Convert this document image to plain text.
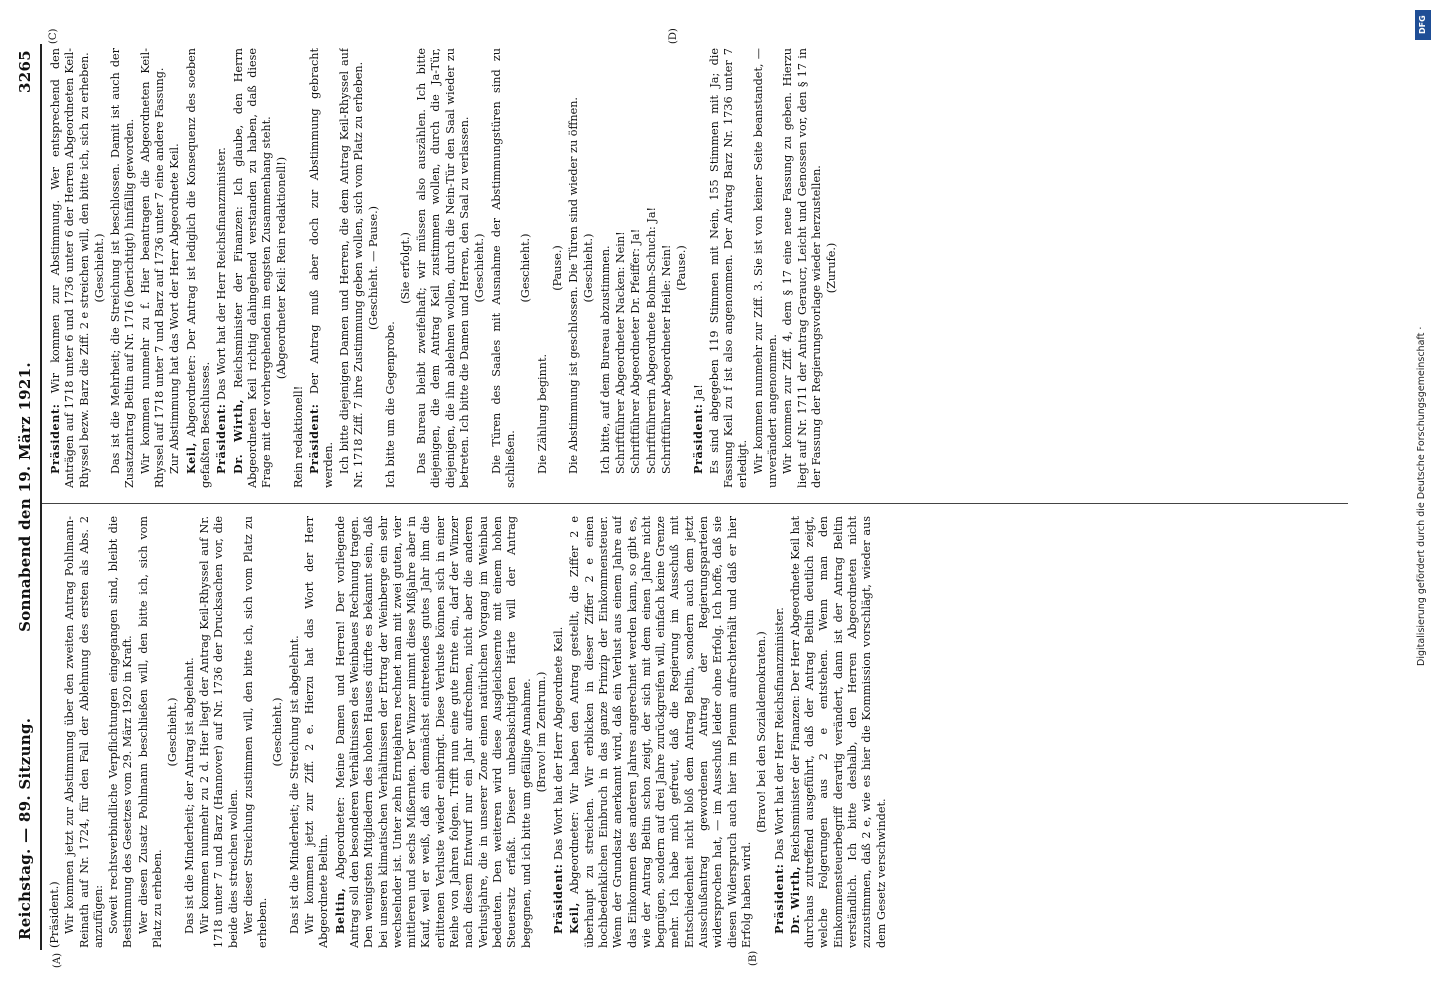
Reichstag. — 89. Sitzung.
Sonnabend den 19. März 1921.
3265
(A)	(B)
(C)	(D)

(Präsident.) Wir kommen jetzt zur Abstimmung über den zweiten Antrag Pohlmann-Reinath auf Nr. 1724, für den Fall der Ablehnung des ersten als Abs. 2 anzufügen: Soweit rechtsverbindliche Verpflichtungen eingegangen sind, bleibt die Bestimmung des Gesetzes vom 29. März 1920 in Kraft. Wer diesen Zusatz Pohlmann beschließen will, den bitte ich, sich vom Platz zu erheben.

(Geschieht.) Das ist die Minderheit; der Antrag ist abgelehnt. Wir kommen nunmehr zu 2 d. Hier liegt der Antrag Keil-Rhyssel auf Nr. 1718 unter 7 und Barz (Hannover) auf Nr. 1736 der Drucksachen vor, die beide dies streichen wollen. Wer dieser Streichung zustimmen will, den bitte ich, sich vom Platz zu erheben.

(Geschieht.) Das ist die Minderheit; die Streichung ist abgelehnt. Wir kommen jetzt zur Ziff. 2 e. Hierzu hat das Wort der Herr Abgeordnete Beltin. Beltin, Abgeordneter: Meine Damen und Herren! Der vorliegende Antrag soll den besonderen Verhältnissen des Weinbaues Rechnung tragen. Den wenigsten Mitgliedern des hohen Hauses dürfte es bekannt sein, daß bei unseren klimatischen Verhältnissen der Ertrag der Weinberge ein sehr wechselnder ist. Unter zehn Erntejahren rechnet man mit zwei guten, vier mittleren und sechs Mißernten. Der Winzer nimmt diese Mißjahre aber in Kauf, weil er weiß, daß ein demnächst eintretendes gutes Jahr ihm die erlittenen Verluste wieder einbringt. Diese Verluste können sich in einer Reihe von Jahren folgen. Trifft nun eine gute Ernte ein, darf der Winzer nach diesem Entwurf nur ein Jahr aufrechnen, nicht aber die anderen Verlustjahre, die in unserer Zone einen natürlichen Vorgang im Weinbau bedeuten. Den weiteren wird diese Ausgleichsernte mit einem hohen Steuersatz erfaßt. Dieser unbeabsichtigten Härte will der Antrag begegnen, und ich bitte um gefällige Annahme. (Bravo! im Zentrum.)

Präsident: Das Wort hat der Herr Abgeordnete Keil.

Keil, Abgeordneter: Wir haben den Antrag gestellt, die Ziffer 2 e überhaupt zu streichen. Wir erblicken in dieser Ziffer 2 e einen hochbedenklichen Einbruch in das ganze Prinzip der Einkommensteuer. Wenn der Grundsatz anerkannt wird, daß ein Verlust aus einem Jahre auf das Einkommen des anderen Jahres angerechnet werden kann, so gibt es, wie der Antrag Beltin schon zeigt, der sich mit dem einen Jahre nicht begnügen, sondern auf drei Jahre zurückgreifen will, einfach keine Grenze mehr. Ich habe mich gefreut, daß die Regierung im Ausschuß mit Entschiedenheit nicht bloß dem Antrag Beltin, sondern auch dem jetzt Ausschußantrag gewordenen Antrag der Regierungsparteien widersprochen hat, — im Ausschuß leider ohne Erfolg. Ich hoffe, daß sie diesen Widerspruch auch hier im Plenum aufrechterhält und daß er hier Erfolg haben wird.

(Bravo! bei den Sozialdemokraten.)

Präsident: Das Wort hat der Herr Reichsfinanzminister.

Dr. Wirth, Reichsminister der Finanzen: Der Herr Abgeordnete Keil hat durchaus zutreffend ausgeführt, daß der Antrag Beltin deutlich zeigt, welche Folgerungen aus 2 e entstehen. Wenn man den Einkommensteuerbegriff derartig verändert, dann ist der Antrag Beltin verständlich. Ich bitte deshalb, den Herren Abgeordneten nicht zuzustimmen, daß 2 e, wie es hier die Kommission vorschlägt, wieder aus dem Gesetz verschwindet.

Präsident: Wir kommen zur Abstimmung. Wer entsprechend den Anträgen auf 1718 unter 6 und 1736 unter 6 der Herren Abgeordneten Keil-Rhyssel bezw. Barz die Ziff. 2 e streichen will, den bitte ich, sich zu erheben. (Geschieht.) Das ist die Mehrheit; die Streichung ist beschlossen. Damit ist auch der Zusatzantrag Beltin auf Nr. 1716 (berichtigt) hinfällig geworden. Wir kommen nunmehr zu f. Hier beantragen die Abgeordneten Keil-Rhyssel auf 1718 unter 7 und Barz auf 1736 unter 7 eine andere Fassung. Zur Abstimmung hat das Wort der Herr Abgeordnete Keil. Keil, Abgeordneter: Der Antrag ist lediglich die Konsequenz des soeben gefaßten Beschlusses. Präsident: Das Wort hat der Herr Reichsfinanzminister.

Dr. Wirth, Reichsminister der Finanzen: Ich glaube, den Herrn Abgeordneten Keil richtig dahingehend verstanden zu haben, daß diese Frage mit der vorhergehenden im engsten Zusammenhang steht. (Abgeordneter Keil: Rein redaktionell!)

Rein redaktionell! Präsident: Der Antrag muß aber doch zur Abstimmung gebracht werden. Ich bitte diejenigen Damen und Herren, die dem Antrag Keil-Rhyssel auf Nr. 1718 Ziff. 7 ihre Zustimmung geben wollen, sich vom Platz zu erheben. (Geschieht. — Pause.)

Ich bitte um die Gegenprobe.

(Sie erfolgt.) Das Bureau bleibt zweifelhaft; wir müssen also auszählen. Ich bitte diejenigen, die dem Antrag Keil zustimmen wollen, durch die Ja-Tür, diejenigen, die ihn ablehnen wollen, durch die Nein-Tür den Saal wieder zu betreten. Ich bitte die Damen und Herren, den Saal zu verlassen. (Geschieht.) Die Türen des Saales mit Ausnahme der Abstimmungstüren sind zu schließen.

(Geschieht.)

Die Zählung beginnt.

(Pause.) Die Abstimmung ist geschlossen. Die Türen sind wieder zu öffnen. (Geschieht.) Ich bitte, auf dem Bureau abzustimmen. Schriftführer Abgeordneter Nacken: Nein! Schriftführer Abgeordneter Dr. Pfeiffer: Ja! Schriftführerin Abgeordnete Bohm-Schuch: Ja! Schriftführer Abgeordneter Heile: Nein! (Pause.)

Präsident: Ja! Es sind abgegeben 119 Stimmen mit Nein, 155 Stimmen mit Ja; die Fassung Keil zu f ist also angenommen. Der Antrag Barz Nr. 1736 unter 7 erledigt. Wir kommen nunmehr zur Ziff. 3. Sie ist von keiner Seite beanstandet, — unverändert angenommen. Wir kommen zur Ziff. 4, dem § 17 eine neue Fassung zu geben. Hierzu liegt auf Nr. 1711 der Antrag Geraucr, Leicht und Genossen vor, den § 17 in der Fassung der Regierungsvorlage wieder herzustellen. (Zurufe.)

DFG
Digitalisierung gefördert durch die Deutsche Forschungsgemeinschaft ·
